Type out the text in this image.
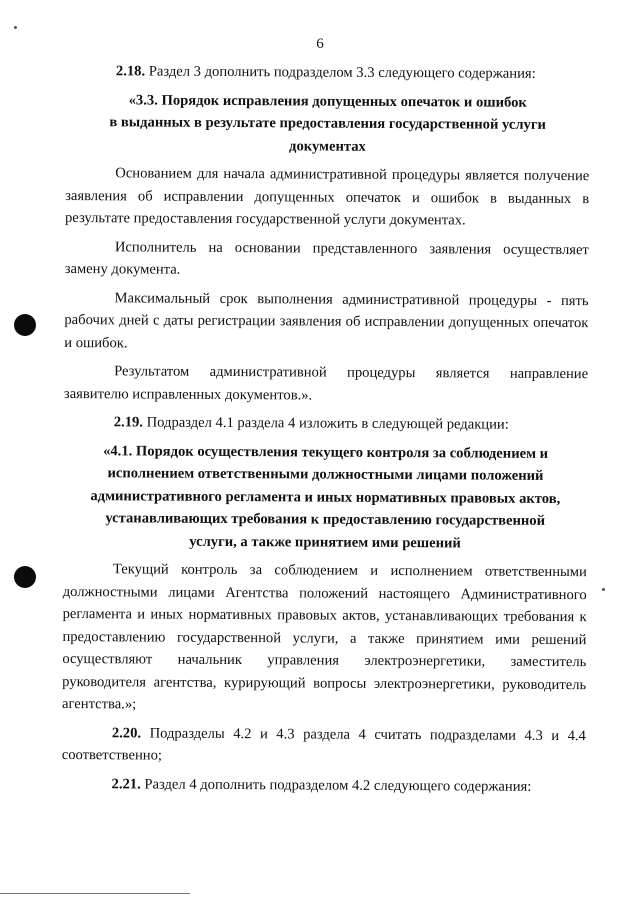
6

2.18. Раздел 3 дополнить подразделом 3.3 следующего содержания:

«3.3. Порядок исправления допущенных опечаток и ошибок
в выданных в результате предоставления государственной услуги
документах

Основанием для начала административной процедуры является получение заявления об исправлении допущенных опечаток и ошибок в выданных в результате предоставления государственной услуги документах.

Исполнитель на основании представленного заявления осуществляет замену документа.

Максимальный срок выполнения административной процедуры - пять рабочих дней с даты регистрации заявления об исправлении допущенных опечаток и ошибок.

Результатом административной процедуры является направление заявителю исправленных документов.».

2.19. Подраздел 4.1 раздела 4 изложить в следующей редакции:

«4.1. Порядок осуществления текущего контроля за соблюдением и
исполнением ответственными должностными лицами положений
административного регламента и иных нормативных правовых актов,
устанавливающих требования к предоставлению государственной
услуги, а также принятием ими решений

Текущий контроль за соблюдением и исполнением ответственными должностными лицами Агентства положений настоящего Административного регламента и иных нормативных правовых актов, устанавливающих требования к предоставлению государственной услуги, а также принятием ими решений осуществляют начальник управления электроэнергетики, заместитель руководителя агентства, курирующий вопросы электроэнергетики, руководитель агентства.»;

2.20. Подразделы 4.2 и 4.3 раздела 4 считать подразделами 4.3 и 4.4 соответственно;

2.21. Раздел 4 дополнить подразделом 4.2 следующего содержания:
